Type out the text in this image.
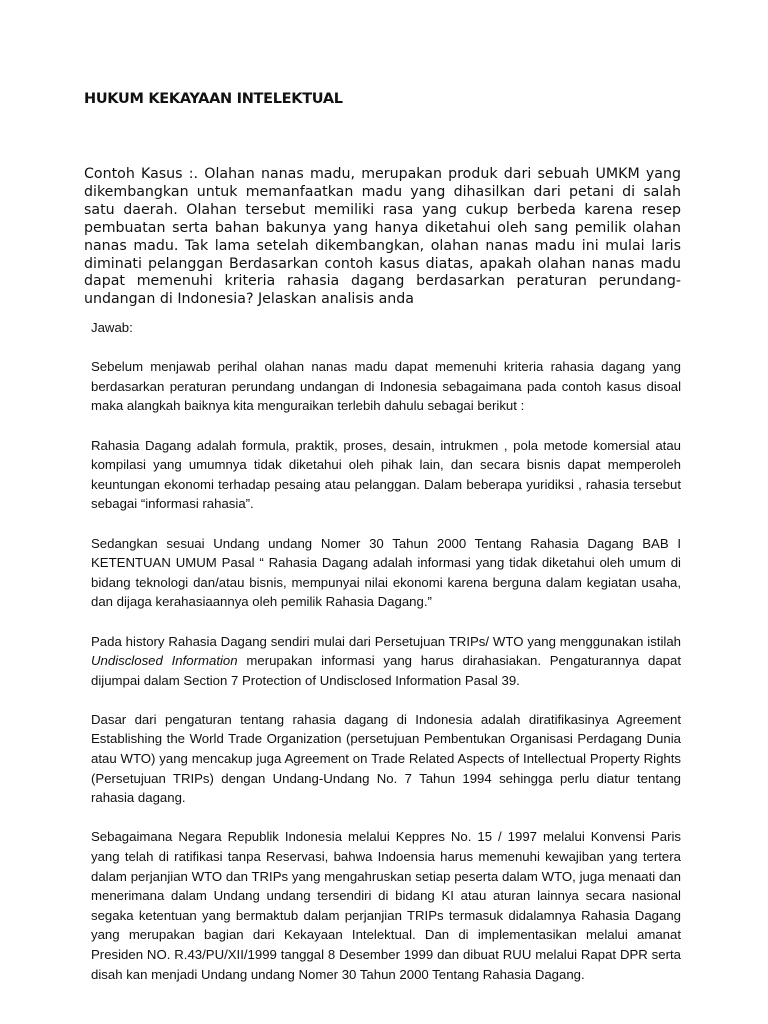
HUKUM KEKAYAAN INTELEKTUAL

Contoh Kasus :. Olahan nanas madu, merupakan produk dari sebuah UMKM yang dikembangkan untuk memanfaatkan madu yang dihasilkan dari petani di salah satu daerah. Olahan tersebut memiliki rasa yang cukup berbeda karena resep pembuatan serta bahan bakunya yang hanya diketahui oleh sang pemilik olahan nanas madu. Tak lama setelah dikembangkan, olahan nanas madu ini mulai laris diminati pelanggan Berdasarkan contoh kasus diatas, apakah olahan nanas madu dapat memenuhi kriteria rahasia dagang berdasarkan peraturan perundang-undangan di Indonesia? Jelaskan analisis anda

Jawab:

Sebelum menjawab perihal olahan nanas madu dapat memenuhi kriteria rahasia dagang yang berdasarkan peraturan perundang undangan di Indonesia sebagaimana pada contoh kasus disoal maka alangkah baiknya kita menguraikan terlebih dahulu sebagai berikut :

Rahasia Dagang adalah formula, praktik, proses, desain, intrukmen , pola metode komersial atau kompilasi yang umumnya tidak diketahui oleh pihak lain, dan secara bisnis dapat memperoleh keuntungan ekonomi terhadap pesaing atau pelanggan. Dalam beberapa yuridiksi , rahasia tersebut sebagai “informasi rahasia”.

Sedangkan sesuai Undang undang Nomer 30 Tahun 2000 Tentang Rahasia Dagang BAB I KETENTUAN UMUM Pasal “ Rahasia Dagang adalah informasi yang tidak diketahui oleh umum di bidang teknologi dan/atau bisnis, mempunyai nilai ekonomi karena berguna dalam kegiatan usaha, dan dijaga kerahasiaannya oleh pemilik Rahasia Dagang.”

Pada history Rahasia Dagang sendiri mulai dari Persetujuan TRIPs/ WTO yang menggunakan istilah Undisclosed Information merupakan informasi yang harus dirahasiakan. Pengaturannya dapat dijumpai dalam Section 7 Protection of Undisclosed Information Pasal 39.

Dasar dari pengaturan tentang rahasia dagang di Indonesia adalah diratifikasinya Agreement Establishing the World Trade Organization (persetujuan Pembentukan Organisasi Perdagang Dunia atau WTO) yang mencakup juga Agreement on Trade Related Aspects of Intellectual Property Rights (Persetujuan TRIPs) dengan Undang-Undang No. 7 Tahun 1994 sehingga perlu diatur tentang rahasia dagang.

Sebagaimana Negara Republik Indonesia melalui Keppres No. 15 / 1997 melalui Konvensi Paris yang telah di ratifikasi tanpa Reservasi, bahwa Indoensia harus memenuhi kewajiban yang tertera dalam perjanjian WTO dan TRIPs yang mengahruskan setiap peserta dalam WTO, juga menaati dan menerimana dalam Undang undang tersendiri di bidang KI atau aturan lainnya secara nasional segaka ketentuan yang bermaktub dalam perjanjian TRIPs termasuk didalamnya Rahasia Dagang yang merupakan bagian dari Kekayaan Intelektual. Dan di implementasikan melalui amanat Presiden NO. R.43/PU/XII/1999 tanggal 8 Desember 1999 dan dibuat RUU melalui Rapat DPR serta disah kan menjadi Undang undang Nomer 30 Tahun 2000 Tentang Rahasia Dagang.
